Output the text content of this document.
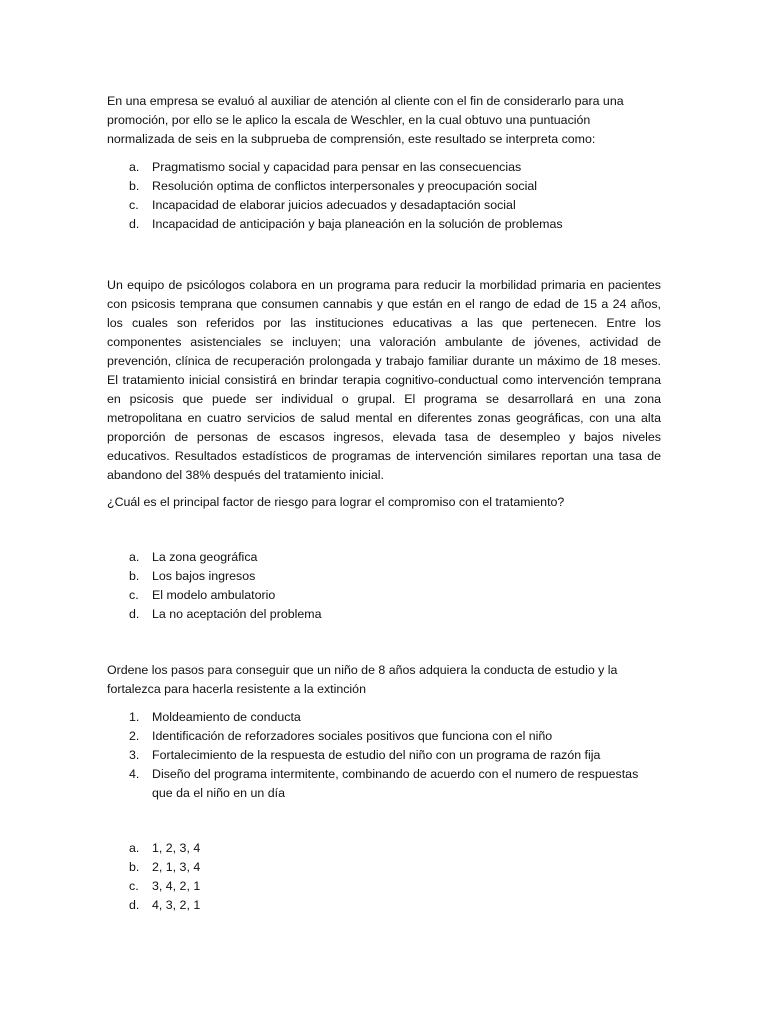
En una empresa se evaluó al auxiliar de atención al cliente con el fin de considerarlo para una promoción, por ello se le aplico la escala de Weschler, en la cual obtuvo una puntuación normalizada de seis en la subprueba de comprensión, este resultado se interpreta como:

a.	Pragmatismo social y capacidad para pensar en las consecuencias
b.	Resolución optima de conflictos interpersonales y preocupación social
c.	Incapacidad de elaborar juicios adecuados y desadaptación social
d.	Incapacidad de anticipación y baja planeación en la solución de problemas

Un equipo de psicólogos colabora en un programa para reducir la morbilidad primaria en pacientes con psicosis temprana que consumen cannabis y que están en el rango de edad de 15 a 24 años, los cuales son referidos por las instituciones educativas a las que pertenecen. Entre los componentes asistenciales se incluyen; una valoración ambulante de jóvenes, actividad de prevención, clínica de recuperación prolongada y trabajo familiar durante un máximo de 18 meses. El tratamiento inicial consistirá en brindar terapia cognitivo-conductual como intervención temprana en psicosis que puede ser individual o grupal. El programa se desarrollará en una zona metropolitana en cuatro servicios de salud mental en diferentes zonas geográficas, con una alta proporción de personas de escasos ingresos, elevada tasa de desempleo y bajos niveles educativos. Resultados estadísticos de programas de intervención similares reportan una tasa de abandono del 38% después del tratamiento inicial.

¿Cuál es el principal factor de riesgo para lograr el compromiso con el tratamiento?

a.	La zona geográfica
b.	Los bajos ingresos
c.	El modelo ambulatorio
d.	La no aceptación del problema

Ordene los pasos para conseguir que un niño de 8 años adquiera la conducta de estudio y la fortalezca para hacerla resistente a la extinción

1.	Moldeamiento de conducta
2.	Identificación de reforzadores sociales positivos que funciona con el niño
3.	Fortalecimiento de la respuesta de estudio del niño con un programa de razón fija
4.	Diseño del programa intermitente, combinando de acuerdo con el numero de respuestas que da el niño en un día
a.	1, 2, 3, 4
b.	2, 1, 3, 4
c.	3, 4, 2, 1
d.	4, 3, 2, 1
